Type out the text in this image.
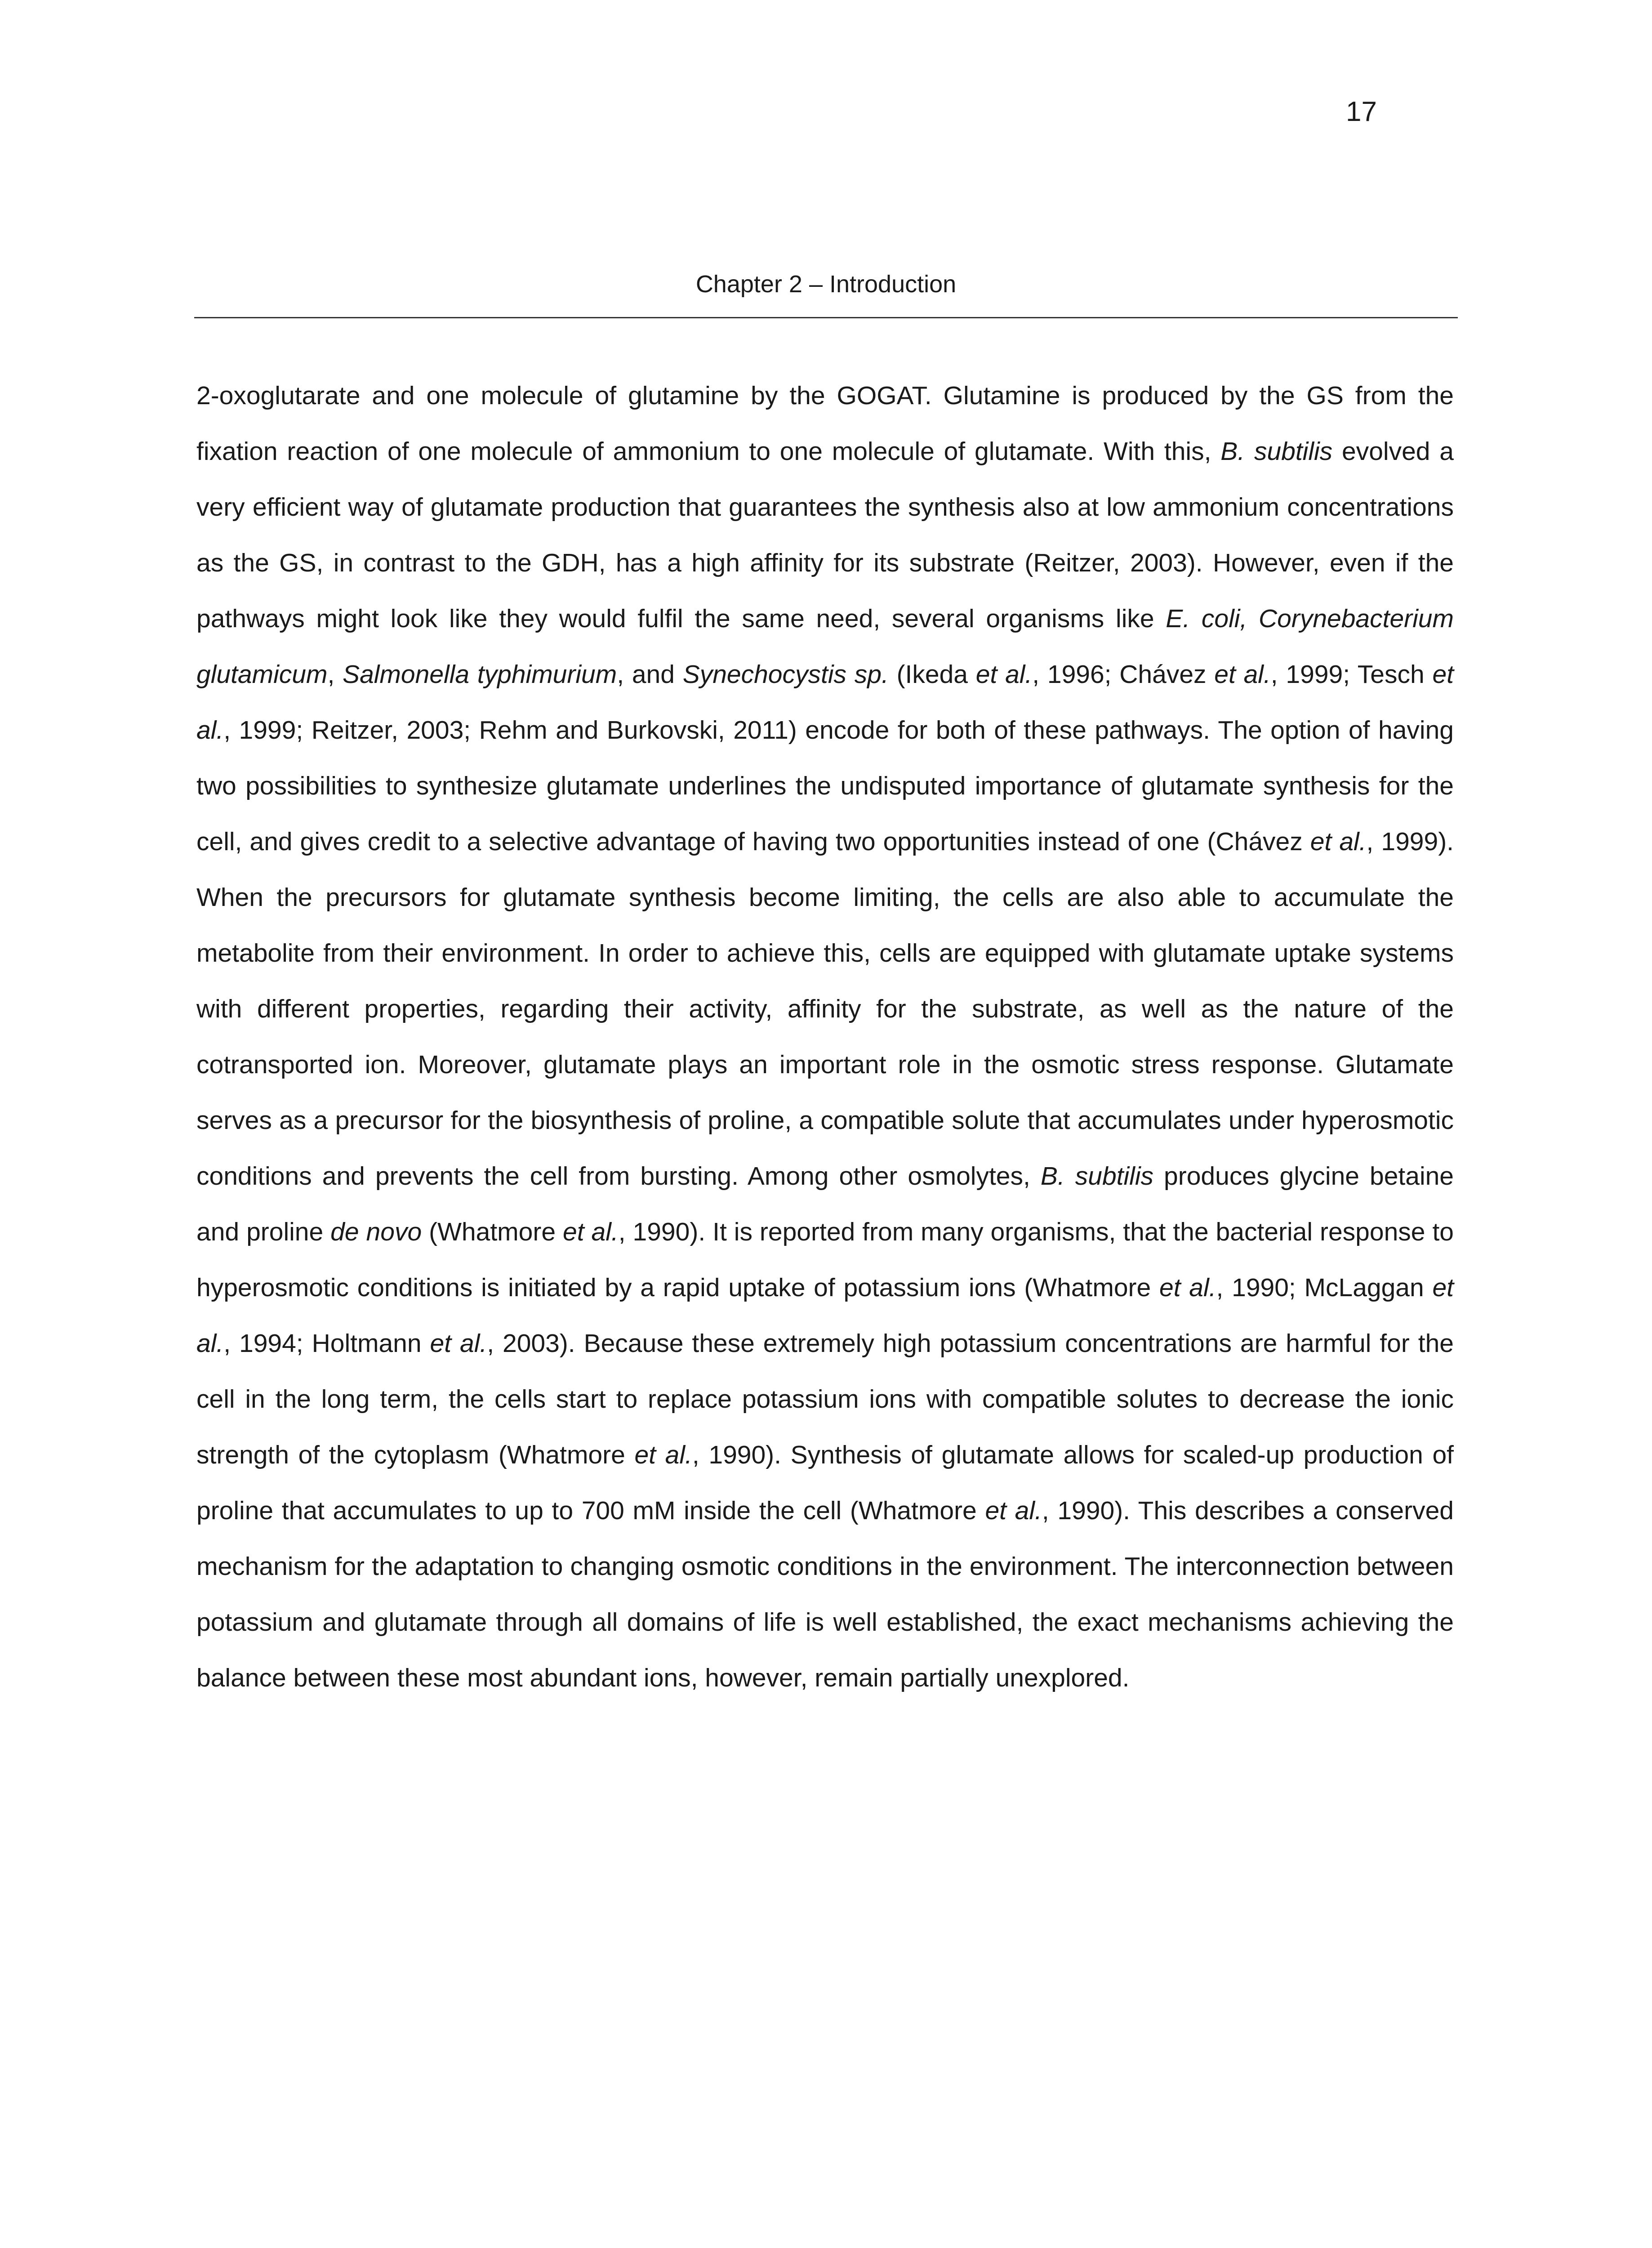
17
Chapter 2 – Introduction

2-oxoglutarate and one molecule of glutamine by the GOGAT. Glutamine is produced by the GS from the fixation reaction of one molecule of ammonium to one molecule of glutamate. With this, B. subtilis evolved a very efficient way of glutamate production that guarantees the synthesis also at low ammonium concentrations as the GS, in contrast to the GDH, has a high affinity for its substrate (Reitzer, 2003). However, even if the pathways might look like they would fulfil the same need, several organisms like E. coli, Corynebacterium glutamicum, Salmonella typhimurium, and Synechocystis sp. (Ikeda et al., 1996; Chávez et al., 1999; Tesch et al., 1999; Reitzer, 2003; Rehm and Burkovski, 2011) encode for both of these pathways. The option of having two possibilities to synthesize glutamate underlines the undisputed importance of glutamate synthesis for the cell, and gives credit to a selective advantage of having two opportunities instead of one (Chávez et al., 1999). When the precursors for glutamate synthesis become limiting, the cells are also able to accumulate the metabolite from their environment. In order to achieve this, cells are equipped with glutamate uptake systems with different properties, regarding their activity, affinity for the substrate, as well as the nature of the cotransported ion. Moreover, glutamate plays an important role in the osmotic stress response. Glutamate serves as a precursor for the biosynthesis of proline, a compatible solute that accumulates under hyperosmotic conditions and prevents the cell from bursting. Among other osmolytes, B. subtilis produces glycine betaine and proline de novo (Whatmore et al., 1990). It is reported from many organisms, that the bacterial response to hyperosmotic conditions is initiated by a rapid uptake of potassium ions (Whatmore et al., 1990; McLaggan et al., 1994; Holtmann et al., 2003). Because these extremely high potassium concentrations are harmful for the cell in the long term, the cells start to replace potassium ions with compatible solutes to decrease the ionic strength of the cytoplasm (Whatmore et al., 1990). Synthesis of glutamate allows for scaled-up production of proline that accumulates to up to 700 mM inside the cell (Whatmore et al., 1990). This describes a conserved mechanism for the adaptation to changing osmotic conditions in the environment. The interconnection between potassium and glutamate through all domains of life is well established, the exact mechanisms achieving the balance between these most abundant ions, however, remain partially unexplored.
